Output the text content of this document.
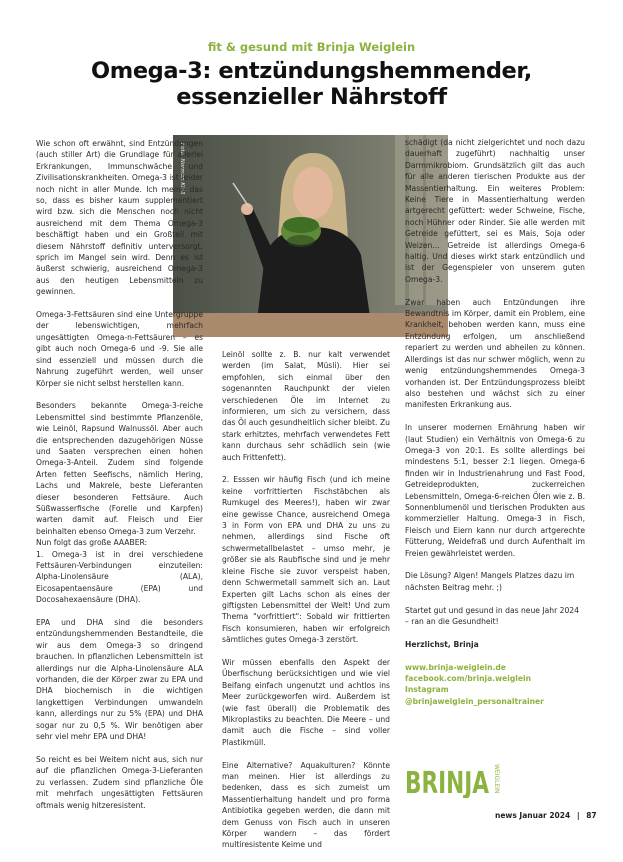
fit & gesund mit Brinja Weiglein
Omega-3: entzündungshemmender,
essenzieller Nährstoff
Foto: Norman Kläß

Wie schon oft erwähnt, sind Entzündungen (auch stiller Art) die Grundlage für allerlei Erkrankungen, Immunschwäche und Zivilisationskrankheiten. Omega-3 ist leider noch nicht in aller Munde. Ich meine das so, dass es bisher kaum supplementiert wird bzw. sich die Menschen noch nicht ausreichend mit dem Thema Omega-3 beschäftigt haben und ein Großteil mit diesem Nährstoff definitiv unterversorgt, sprich im Mangel sein wird. Denn es ist äußerst schwierig, ausreichend Omega-3 aus den heutigen Lebensmitteln zu gewinnen.

Omega-3-Fettsäuren sind eine Untergruppe der lebenswichtigen, mehrfach ungesättigten Omega-n-Fettsäuren – es gibt auch noch Omega-6 und -9. Sie alle sind essenziell und müssen durch die Nahrung zugeführt werden, weil unser Körper sie nicht selbst herstellen kann.

Besonders bekannte Omega-3-reiche Lebensmittel sind bestimmte Pflanzenöle, wie Leinöl, Rapsund Walnussöl. Aber auch die entsprechenden dazugehörigen Nüsse und Saaten versprechen einen hohen Omega-3-Anteil. Zudem sind folgende Arten fetten Seefischs, nämlich Hering, Lachs und Makrele, beste Lieferanten dieser besonderen Fettsäure. Auch Süßwasserfische (Forelle und Karpfen) warten damit auf. Fleisch und Eier beinhalten ebenso Omega-3 zum Verzehr.

Nun folgt das große AAABER:

1. Omega-3 ist in drei verschiedene Fettsäuren-Verbindungen einzuteilen: Alpha-Linolensäure (ALA), Eicosapentaensäure (EPA) und Docosahexaensäure (DHA).

EPA und DHA sind die besonders entzündungshemmenden Bestandteile, die wir aus dem Omega-3 so dringend brauchen. In pflanzlichen Lebensmitteln ist allerdings nur die Alpha-Linolensäure ALA vorhanden, die der Körper zwar zu EPA und DHA biochemisch in die wichtigen langkettigen Verbindungen umwandeln kann, allerdings nur zu 5% (EPA) und DHA sogar nur zu 0,5 %. Wir benötigen aber sehr viel mehr EPA und DHA!

So reicht es bei Weitem nicht aus, sich nur auf die pflanzlichen Omega-3-Lieferanten zu verlassen. Zudem sind pflanzliche Öle mit mehrfach ungesättigten Fettsäuren oftmals wenig hitzeresistent.

Leinöl sollte z. B. nur kalt verwendet werden (im Salat, Müsli). Hier sei empfohlen, sich einmal über den sogenannten Rauchpunkt der vielen verschiedenen Öle im Internet zu informieren, um sich zu versichern, dass das Öl auch gesundheitlich sicher bleibt. Zu stark erhitztes, mehrfach verwendetes Fett kann durchaus sehr schädlich sein (wie auch Frittenfett).

2. Esssen wir häufig Fisch (und ich meine keine vorfrittierten Fischstäbchen als Rumkugel des Meeres!), haben wir zwar eine gewisse Chance, ausreichend Omega 3 in Form von EPA und DHA zu uns zu nehmen, allerdings sind Fische oft schwermetallbelastet – umso mehr, je größer sie als Raubfische sind und je mehr kleine Fische sie zuvor verspeist haben, denn Schwermetall sammelt sich an. Laut Experten gilt Lachs schon als eines der giftigsten Lebensmittel der Welt! Und zum Thema "vorfrittiert": Sobald wir frittierten Fisch konsumieren, haben wir erfolgreich sämtliches gutes Omega-3 zerstört.

Wir müssen ebenfalls den Aspekt der Überfischung berücksichtigen und wie viel Beifang einfach ungenutzt und achtlos ins Meer zurückgeworfen wird. Außerdem ist (wie fast überall) die Problematik des Mikroplastiks zu beachten. Die Meere – und damit auch die Fische – sind voller Plastikmüll.

Eine Alternative? Aquakulturen? Könnte man meinen. Hier ist allerdings zu bedenken, dass es sich zumeist um Massentierhaltung handelt und pro forma Antibiotika gegeben werden, die dann mit dem Genuss von Fisch auch in unseren Körper wandern – das fördert multiresistente Keime und

schädigt (da nicht zielgerichtet und noch dazu dauerhaft zugeführt) nachhaltig unser Darmmikrobiom. Grundsätzlich gilt das auch für alle anderen tierischen Produkte aus der Massentierhaltung. Ein weiteres Problem: Keine Tiere in Massentierhaltung werden artgerecht gefüttert: weder Schweine, Fische, noch Hühner oder Rinder. Sie alle werden mit Getreide gefüttert, sei es Mais, Soja oder Weizen... Getreide ist allerdings Omega-6 haltig. Und dieses wirkt stark entzündlich und ist der Gegenspieler von unserem guten Omega-3.

Zwar haben auch Entzündungen ihre Bewandtnis im Körper, damit ein Problem, eine Krankheit, behoben werden kann, muss eine Entzündung erfolgen, um anschließend repariert zu werden und abheilen zu können. Allerdings ist das nur schwer möglich, wenn zu wenig entzündungshemmendes Omega-3 vorhanden ist. Der Entzündungsprozess bleibt also bestehen und wächst sich zu einer manifesten Erkrankung aus.

In unserer modernen Ernährung haben wir (laut Studien) ein Verhältnis von Omega-6 zu Omega-3 von 20:1. Es sollte allerdings bei mindestens 5:1, besser 2:1 liegen. Omega-6 finden wir in Industrienahrung und Fast Food, Getreideprodukten, zuckerreichen Lebensmitteln, Omega-6-reichen Ölen wie z. B. Sonnenblumenöl und tierischen Produkten aus kommerzieller Haltung. Omega-3 in Fisch, Fleisch und Eiern kann nur durch artgerechte Fütterung, Weidefraß und durch Aufenthalt im Freien gewährleistet werden.

Die Lösung? Algen! Mangels Platzes dazu im nächsten Beitrag mehr. ;)

Startet gut und gesund in das neue Jahr 2024 – ran an die Gesundheit!

Herzlichst, Brinja

www.brinja-weiglein.de
facebook.com/brinja.weiglein
Instagram @brinjaweiglein_personaltrainer
BRINJA WEIGLEIN
news Januar 2024 | 87
